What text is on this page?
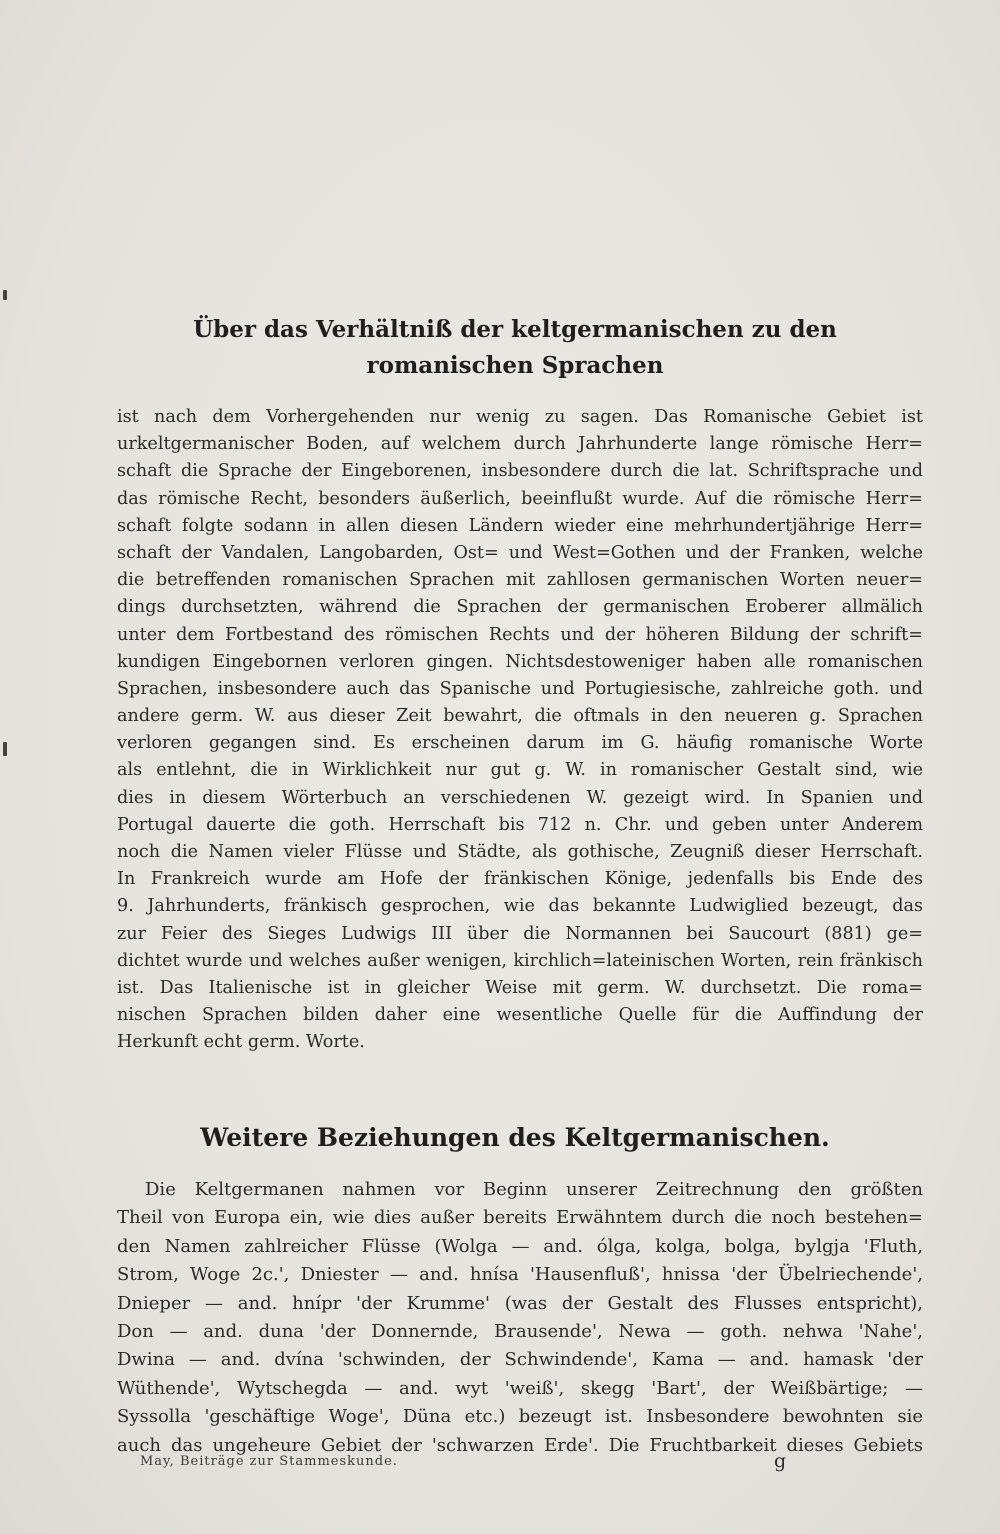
Über das Verhältniß der keltgermanischen zu den
romanischen Sprachen
ist nach dem Vorhergehenden nur wenig zu sagen. Das Romanische Gebiet ist
urkeltgermanischer Boden, auf welchem durch Jahrhunderte lange römische Herr=
schaft die Sprache der Eingeborenen, insbesondere durch die lat. Schriftsprache und
das römische Recht, besonders äußerlich, beeinflußt wurde. Auf die römische Herr=
schaft folgte sodann in allen diesen Ländern wieder eine mehrhundertjährige Herr=
schaft der Vandalen, Langobarden, Ost= und West=Gothen und der Franken, welche
die betreffenden romanischen Sprachen mit zahllosen germanischen Worten neuer=
dings durchsetzten, während die Sprachen der germanischen Eroberer allmälich
unter dem Fortbestand des römischen Rechts und der höheren Bildung der schrift=
kundigen Eingebornen verloren gingen. Nichtsdestoweniger haben alle romanischen
Sprachen, insbesondere auch das Spanische und Portugiesische, zahlreiche goth. und
andere germ. W. aus dieser Zeit bewahrt, die oftmals in den neueren g. Sprachen
verloren gegangen sind. Es erscheinen darum im G. häufig romanische Worte
als entlehnt, die in Wirklichkeit nur gut g. W. in romanischer Gestalt sind, wie
dies in diesem Wörterbuch an verschiedenen W. gezeigt wird. In Spanien und
Portugal dauerte die goth. Herrschaft bis 712 n. Chr. und geben unter Anderem
noch die Namen vieler Flüsse und Städte, als gothische, Zeugniß dieser Herrschaft.
In Frankreich wurde am Hofe der fränkischen Könige, jedenfalls bis Ende des
9. Jahrhunderts, fränkisch gesprochen, wie das bekannte Ludwiglied bezeugt, das
zur Feier des Sieges Ludwigs III über die Normannen bei Saucourt (881) ge=
dichtet wurde und welches außer wenigen, kirchlich=lateinischen Worten, rein fränkisch
ist. Das Italienische ist in gleicher Weise mit germ. W. durchsetzt. Die roma=
nischen Sprachen bilden daher eine wesentliche Quelle für die Auffindung der
Herkunft echt germ. Worte.
Weitere Beziehungen des Keltgermanischen.
Die Keltgermanen nahmen vor Beginn unserer Zeitrechnung den größten
Theil von Europa ein, wie dies außer bereits Erwähntem durch die noch bestehen=
den Namen zahlreicher Flüsse (Wolga — and. ólga, kolga, bolga, bylgja 'Fluth,
Strom, Woge 2c.', Dniester — and. hnísa 'Hausenfluß', hnissa 'der Übelriechende',
Dnieper — and. hnípr 'der Krumme' (was der Gestalt des Flusses entspricht),
Don — and. duna 'der Donnernde, Brausende', Newa — goth. nehwa 'Nahe',
Dwina — and. dvína 'schwinden, der Schwindende', Kama — and. hamask 'der
Wüthende', Wytschegda — and. wyt 'weiß', skegg 'Bart', der Weißbärtige; —
Syssolla 'geschäftige Woge', Düna etc.) bezeugt ist. Insbesondere bewohnten sie
auch das ungeheure Gebiet der 'schwarzen Erde'. Die Fruchtbarkeit dieses Gebiets
May, Beiträge zur Stammeskunde.	g
